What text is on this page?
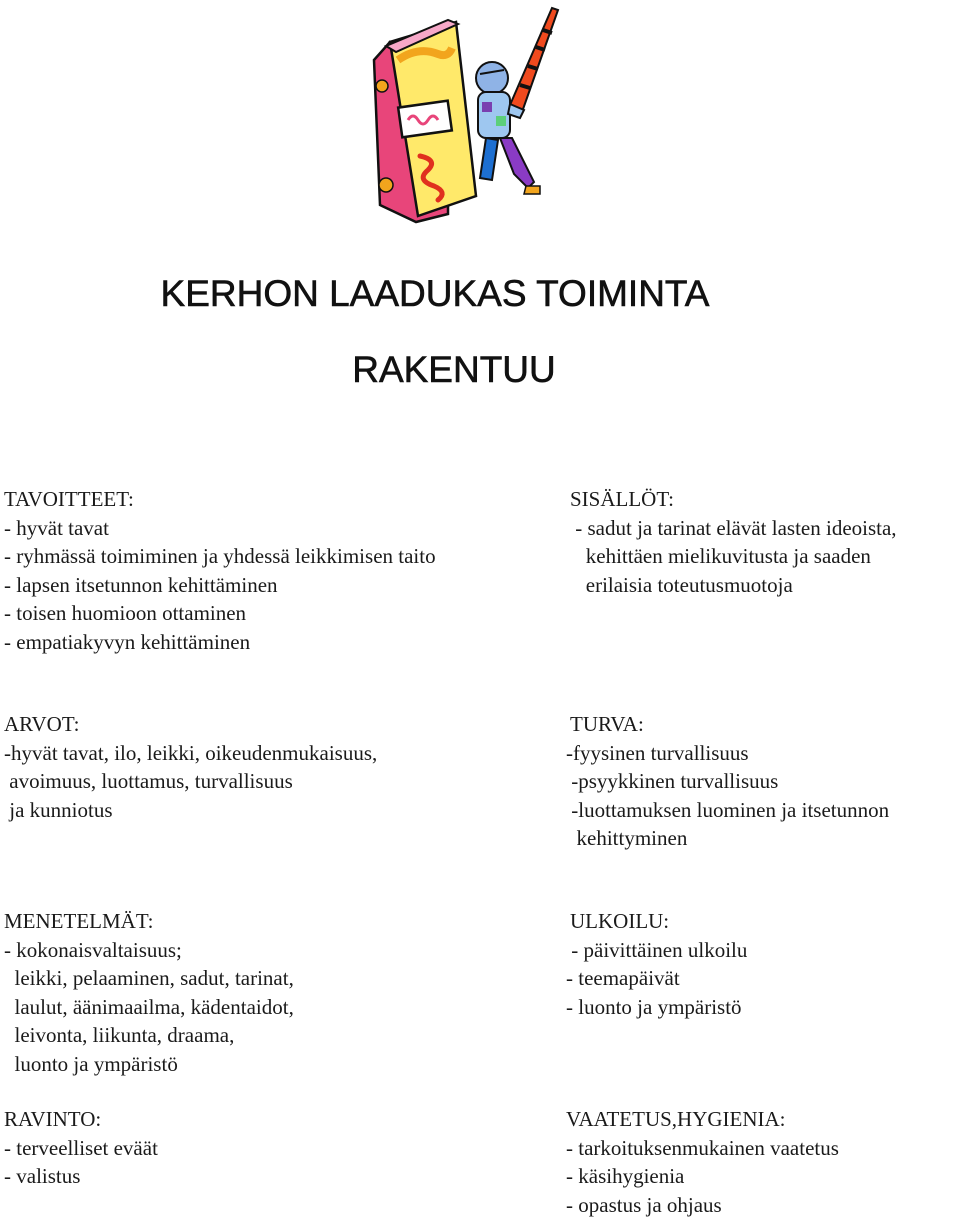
KERHON LAADUKAS TOIMINTA
RAKENTUU
TAVOITTEET:
- hyvät tavat
- ryhmässä toimiminen ja yhdessä leikkimisen taito
- lapsen itsetunnon kehittäminen
- toisen huomioon ottaminen
- empatiakyvyn kehittäminen
SISÄLLÖT:
- sadut ja tarinat elävät lasten ideoista,
kehittäen mielikuvitusta ja saaden
erilaisia toteutusmuotoja
ARVOT:
-hyvät tavat, ilo, leikki, oikeudenmukaisuus,
avoimuus, luottamus, turvallisuus
ja kunniotus
TURVA:
-fyysinen turvallisuus
-psyykkinen turvallisuus
-luottamuksen luominen ja itsetunnon
kehittyminen
MENETELMÄT:
- kokonaisvaltaisuus;
leikki, pelaaminen, sadut, tarinat,
laulut, äänimaailma, kädentaidot,
leivonta, liikunta, draama,
luonto ja ympäristö
ULKOILU:
- päivittäinen ulkoilu
- teemapäivät
- luonto ja ympäristö
RAVINTO:
- terveelliset eväät
- valistus
VAATETUS,HYGIENIA:
- tarkoituksenmukainen vaatetus
- käsihygienia
- opastus ja ohjaus
